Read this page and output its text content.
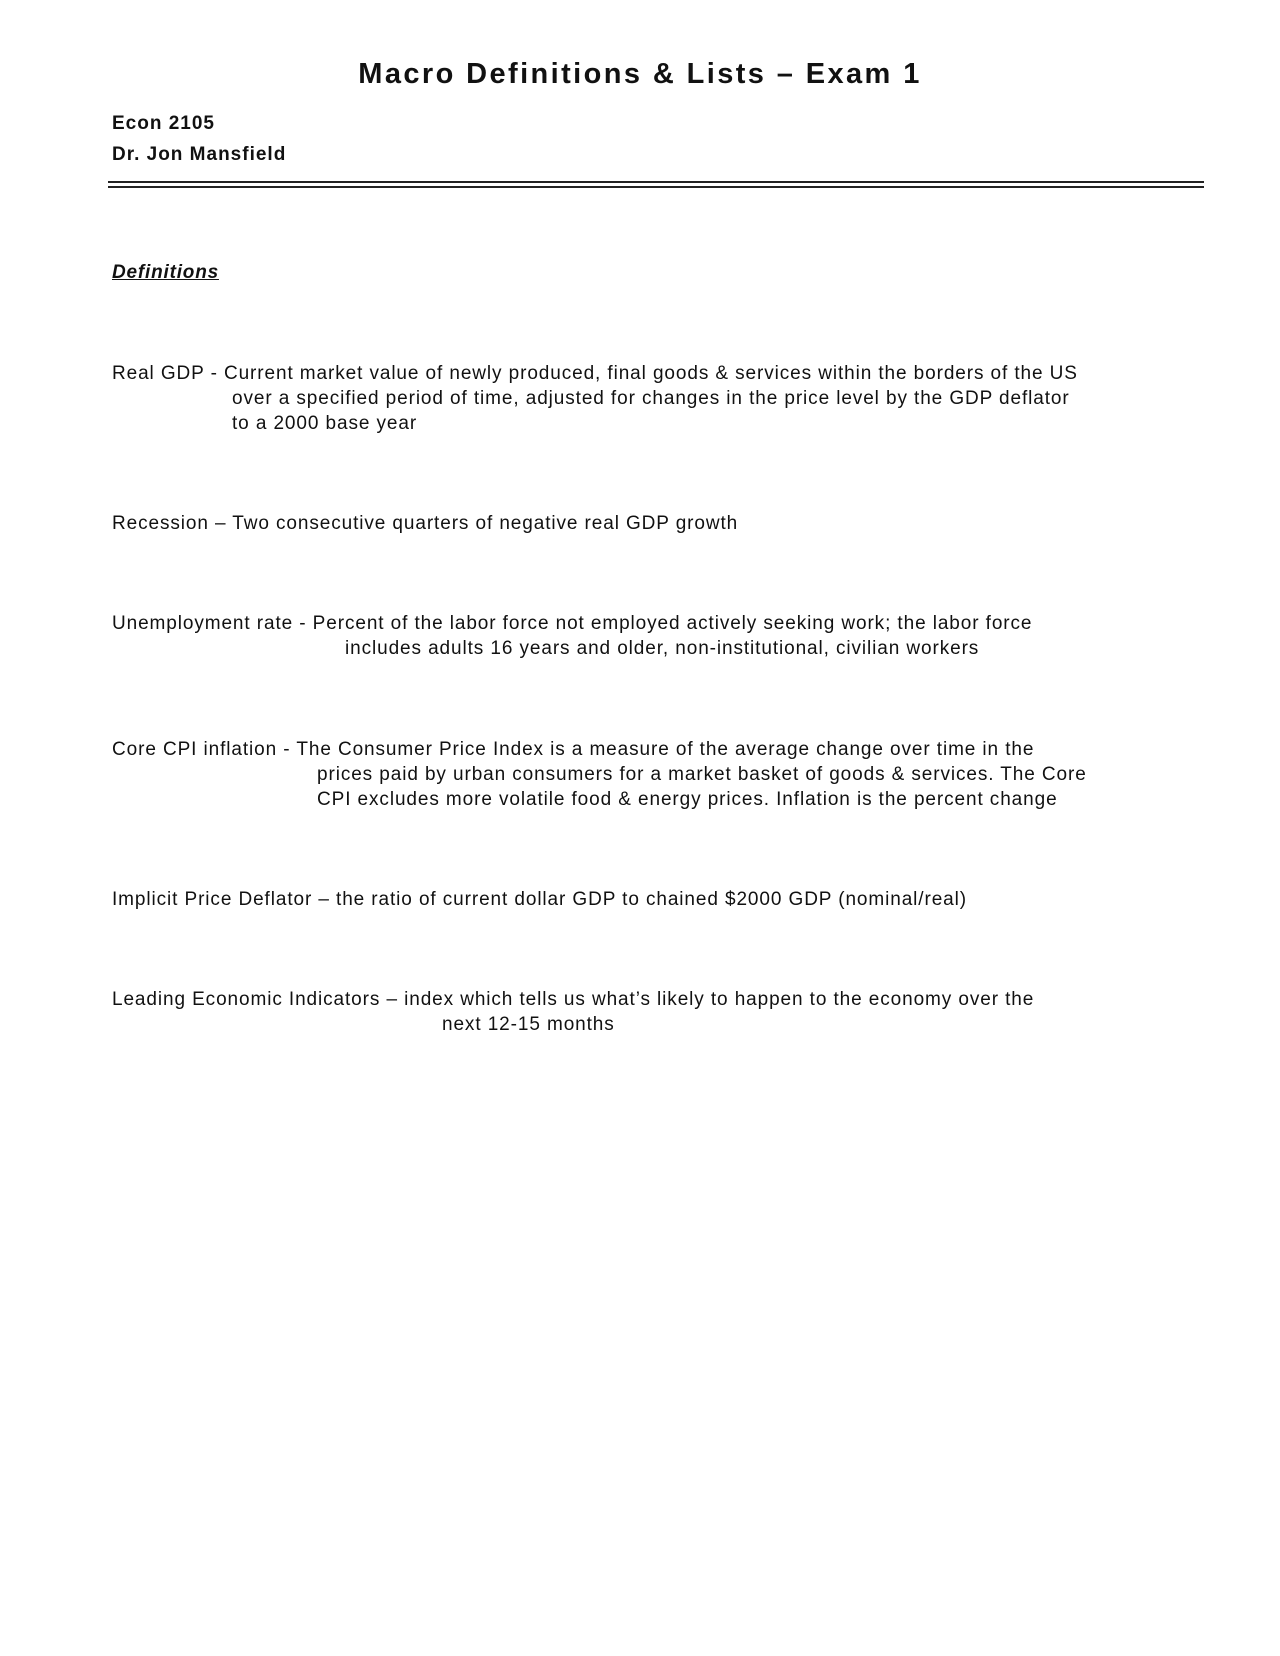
Macro Definitions & Lists – Exam 1
Econ 2105
Dr. Jon Mansfield
Definitions
Real GDP - Current market value of newly produced, final goods & services within the borders of the US
over a specified period of time, adjusted for changes in the price level by the GDP deflator
to a 2000 base year
Recession – Two consecutive quarters of negative real GDP growth
Unemployment rate - Percent of the labor force not employed actively seeking work; the labor force
includes adults 16 years and older, non-institutional, civilian workers
Core CPI inflation - The Consumer Price Index is a measure of the average change over time in the
prices paid by urban consumers for a market basket of goods & services. The Core
CPI excludes more volatile food & energy prices. Inflation is the percent change
Implicit Price Deflator – the ratio of current dollar GDP to chained $2000 GDP (nominal/real)
Leading Economic Indicators – index which tells us what’s likely to happen to the economy over the
next 12-15 months
